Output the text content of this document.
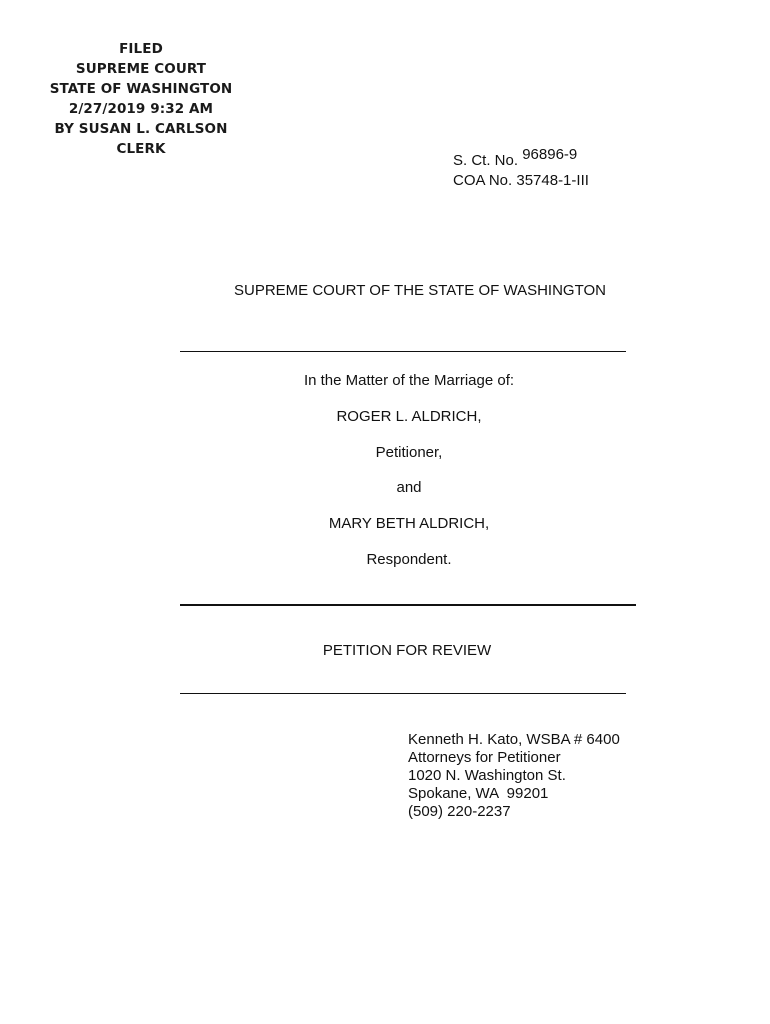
FILED
SUPREME COURT
STATE OF WASHINGTON
2/27/2019 9:32 AM
BY SUSAN L. CARLSON
CLERK
S. Ct. No. 96896-9
COA No. 35748-1-III
SUPREME COURT OF THE STATE OF WASHINGTON
In the Matter of the Marriage of:
ROGER L. ALDRICH,
Petitioner,
and
MARY BETH ALDRICH,
Respondent.
PETITION FOR REVIEW
Kenneth H. Kato, WSBA # 6400
Attorneys for Petitioner
1020 N. Washington St.
Spokane, WA  99201
(509) 220-2237
